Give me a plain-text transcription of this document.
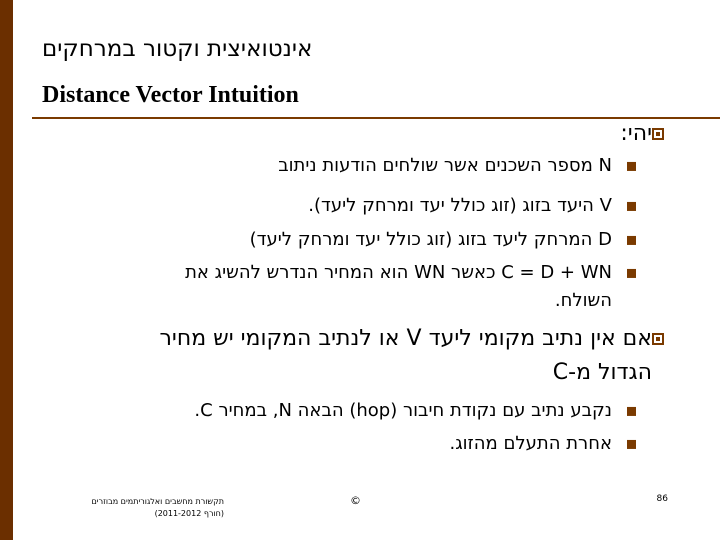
אינטואיצית וקטור במרחקים
Distance Vector Intuition
יהי:
N מספר השכנים אשר שולחים הודעות ניתוב
V היעד בזוג (זוג כולל יעד ומרחק ליעד).
D המרחק ליעד בזוג (זוג כולל יעד ומרחק ליעד)
C = D + WN כאשר WN הוא המחיר הנדרש להשיג את
השולח.
אם אין נתיב מקומי ליעד V או לנתיב המקומי יש מחיר
הגדול מ-C
נקבע נתיב עם נקודת חיבור (hop) הבאה N, במחיר C.
אחרת התעלם מהזוג.
תקשורת מחשבים ואלגוריתמים מבוזרים
(חורף 2011-2012)
©	86
